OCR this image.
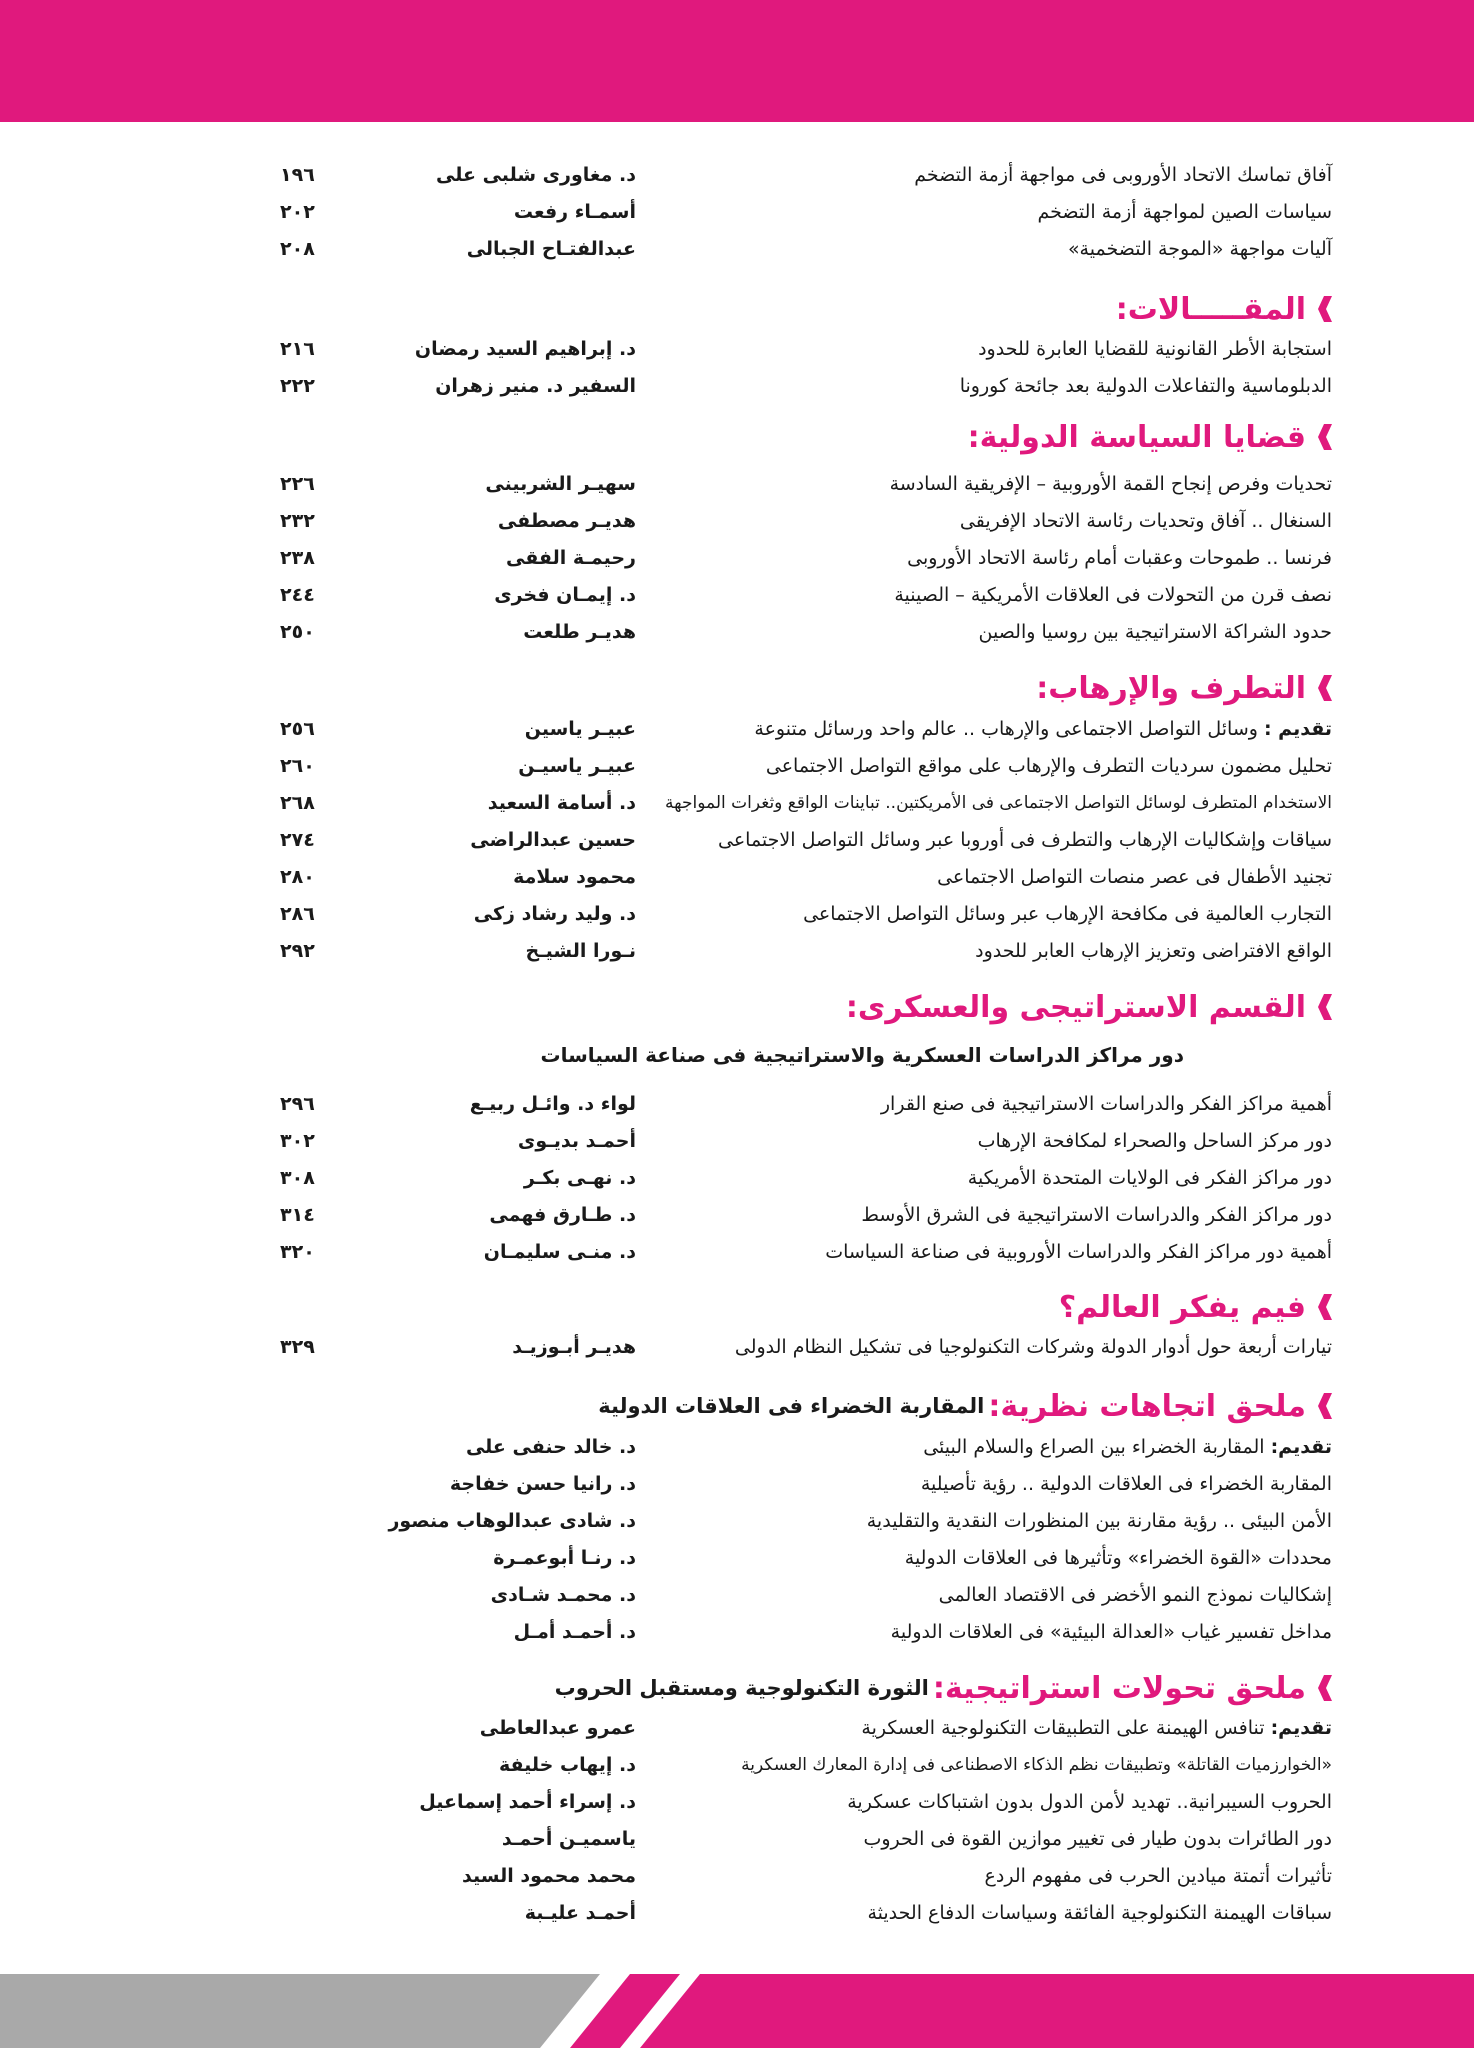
آفاق تماسك الاتحاد الأوروبى فى مواجهة أزمة التضخم
د. مغاورى شلبى على
١٩٦
سياسات الصين لمواجهة أزمة التضخم
أسمـاء رفعت
٢٠٢
آليات مواجهة «الموجة التضخمية»
عبدالفتـاح الجبالى
٢٠٨
المقـــــالات:
استجابة الأطر القانونية للقضايا العابرة للحدود
د. إبراهيم السيد رمضان
٢١٦
الدبلوماسية والتفاعلات الدولية بعد جائحة كورونا
السفير د. منير زهران
٢٢٢
قضايا السياسة الدولية:
تحديات وفرص إنجاح القمة الأوروبية – الإفريقية السادسة
سهيـر الشربينى
٢٢٦
السنغال .. آفاق وتحديات رئاسة الاتحاد الإفريقى
هديـر مصطفى
٢٣٢
فرنسا .. طموحات وعقبات أمام رئاسة الاتحاد الأوروبى
رحيمـة الفقى
٢٣٨
نصف قرن من التحولات فى العلاقات الأمريكية – الصينية
د. إيمـان فخرى
٢٤٤
حدود الشراكة الاستراتيجية بين روسيا والصين
هديـر طلعت
٢٥٠
التطرف والإرهاب:
تقديم : وسائل التواصل الاجتماعى والإرهاب .. عالم واحد ورسائل متنوعة
عبيـر ياسين
٢٥٦
تحليل مضمون سرديات التطرف والإرهاب على مواقع التواصل الاجتماعى
عبيـر ياسيـن
٢٦٠
الاستخدام المتطرف لوسائل التواصل الاجتماعى فى الأمريكتين.. تباينات الواقع وثغرات المواجهة
د. أسامة السعيد
٢٦٨
سياقات وإشكاليات الإرهاب والتطرف فى أوروبا عبر وسائل التواصل الاجتماعى
حسين عبدالراضى
٢٧٤
تجنيد الأطفال فى عصر منصات التواصل الاجتماعى
محمود سلامة
٢٨٠
التجارب العالمية فى مكافحة الإرهاب عبر وسائل التواصل الاجتماعى
د. وليد رشاد زكى
٢٨٦
الواقع الافتراضى وتعزيز الإرهاب العابر للحدود
نـورا الشيـخ
٢٩٢
القسم الاستراتيجى والعسكرى:
دور مراكز الدراسات العسكرية والاستراتيجية فى صناعة السياسات
أهمية مراكز الفكر والدراسات الاستراتيجية فى صنع القرار
لواء د. وائـل ربيـع
٢٩٦
دور مركز الساحل والصحراء لمكافحة الإرهاب
أحمـد بديـوى
٣٠٢
دور مراكز الفكر فى الولايات المتحدة الأمريكية
د. نهـى بكـر
٣٠٨
دور مراكز الفكر والدراسات الاستراتيجية فى الشرق الأوسط
د. طـارق فهمى
٣١٤
أهمية دور مراكز الفكر والدراسات الأوروبية فى صناعة السياسات
د. منـى سليمـان
٣٢٠
فيم يفكر العالم؟
تيارات أربعة حول أدوار الدولة وشركات التكنولوجيا فى تشكيل النظام الدولى
هديـر أبـوزيـد
٣٢٩
ملحق اتجاهات نظرية:
المقاربة الخضراء فى العلاقات الدولية
تقديم: المقاربة الخضراء بين الصراع والسلام البيئى
د. خالد حنفى على
المقاربة الخضراء فى العلاقات الدولية .. رؤية تأصيلية
د. رانيا حسن خفاجة
الأمن البيئى .. رؤية مقارنة بين المنظورات النقدية والتقليدية
د. شادى عبدالوهاب منصور
محددات «القوة الخضراء» وتأثيرها فى العلاقات الدولية
د. رنـا أبوعمـرة
إشكاليات نموذج النمو الأخضر فى الاقتصاد العالمى
د. محمـد شـادى
مداخل تفسير غياب «العدالة البيئية» فى العلاقات الدولية
د. أحمـد أمـل
ملحق تحولات استراتيجية:
الثورة التكنولوجية ومستقبل الحروب
تقديم: تنافس الهيمنة على التطبيقات التكنولوجية العسكرية
عمرو عبدالعاطى
«الخوارزميات القاتلة» وتطبيقات نظم الذكاء الاصطناعى فى إدارة المعارك العسكرية
د. إيهاب خليفة
الحروب السيبرانية.. تهديد لأمن الدول بدون اشتباكات عسكرية
د. إسراء أحمد إسماعيل
دور الطائرات بدون طيار فى تغيير موازين القوة فى الحروب
ياسميـن أحمـد
تأثيرات أتمتة ميادين الحرب فى مفهوم الردع
محمد محمود السيد
سباقات الهيمنة التكنولوجية الفائقة وسياسات الدفاع الحديثة
أحمـد عليـبة
